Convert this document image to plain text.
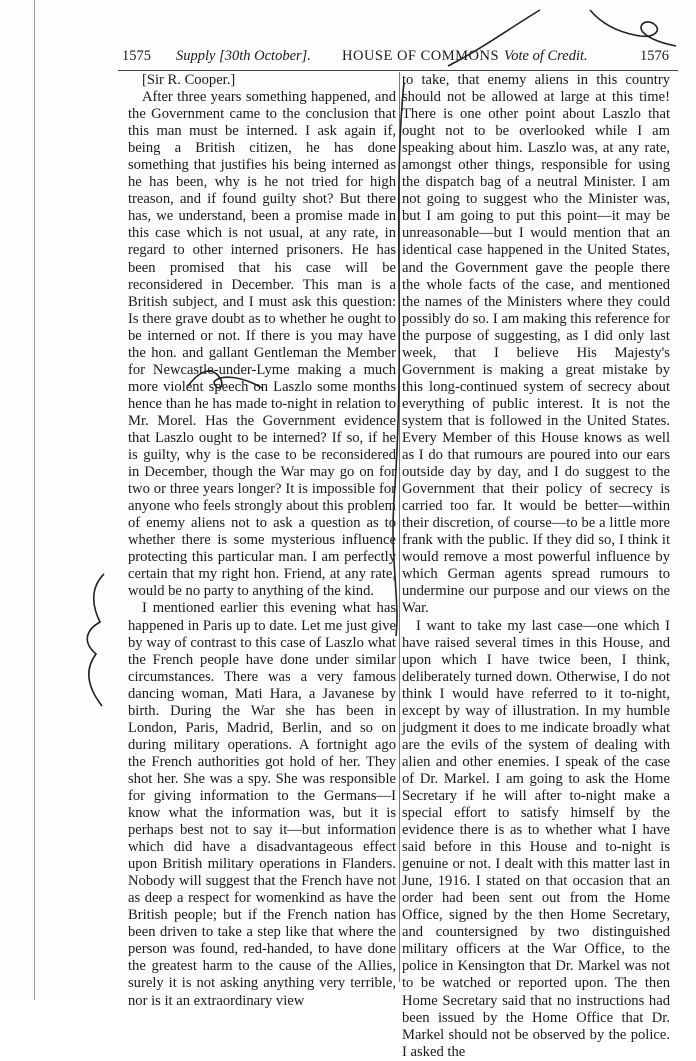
1575 Supply [30th October]. HOUSE OF COMMONS Vote of Credit.	1576

[Sir R. Cooper.]

After three years something happened, and the Government came to the conclusion that this man must be interned. I ask again if, being a British citizen, he has done something that justifies his being interned as he has been, why is he not tried for high treason, and if found guilty shot? But there has, we understand, been a promise made in this case which is not usual, at any rate, in regard to other interned prisoners. He has been promised that his case will be reconsidered in December. This man is a British subject, and I must ask this question: Is there grave doubt as to whether he ought to be interned or not. If there is you may have the hon. and gallant Gentleman the Member for Newcastle-under-Lyme making a much more violent speech on Laszlo some months hence than he has made to-night in relation to Mr. Morel. Has the Government evidence that Laszlo ought to be interned? If so, if he is guilty, why is the case to be reconsidered in December, though the War may go on for two or three years longer? It is impossible for anyone who feels strongly about this problem of enemy aliens not to ask a question as to whether there is some mysterious influence protecting this particular man. I am perfectly certain that my right hon. Friend, at any rate, would be no party to anything of the kind.

I mentioned earlier this evening what has happened in Paris up to date. Let me just give by way of contrast to this case of Laszlo what the French people have done under similar circumstances. There was a very famous dancing woman, Mati Hara, a Javanese by birth. During the War she has been in London, Paris, Madrid, Berlin, and so on during military operations. A fortnight ago the French authorities got hold of her. They shot her. She was a spy. She was responsible for giving information to the Germans—I know what the information was, but it is perhaps best not to say it—but information which did have a disadvantageous effect upon British military operations in Flanders. Nobody will suggest that the French have not as deep a respect for womenkind as have the British people; but if the French nation has been driven to take a step like that where the person was found, red-handed, to have done the greatest harm to the cause of the Allies, surely it is not asking anything very terrible, nor is it an extraordinary view

to take, that enemy aliens in this country should not be allowed at large at this time! There is one other point about Laszlo that ought not to be overlooked while I am speaking about him. Laszlo was, at any rate, amongst other things, responsible for using the dispatch bag of a neutral Minister. I am not going to suggest who the Minister was, but I am going to put this point—it may be unreasonable—but I would mention that an identical case happened in the United States, and the Government gave the people there the whole facts of the case, and mentioned the names of the Ministers where they could possibly do so. I am making this reference for the purpose of suggesting, as I did only last week, that I believe His Majesty's Government is making a great mistake by this long-continued system of secrecy about everything of public interest. It is not the system that is followed in the United States. Every Member of this House knows as well as I do that rumours are poured into our ears outside day by day, and I do suggest to the Government that their policy of secrecy is carried too far. It would be better—within their discretion, of course—to be a little more frank with the public. If they did so, I think it would remove a most powerful influence by which German agents spread rumours to undermine our purpose and our views on the War.

I want to take my last case—one which I have raised several times in this House, and upon which I have twice been, I think, deliberately turned down. Otherwise, I do not think I would have referred to it to-night, except by way of illustration. In my humble judgment it does to me indicate broadly what are the evils of the system of dealing with alien and other enemies. I speak of the case of Dr. Markel. I am going to ask the Home Secretary if he will after to-night make a special effort to satisfy himself by the evidence there is as to whether what I have said before in this House and to-night is genuine or not. I dealt with this matter last in June, 1916. I stated on that occasion that an order had been sent out from the Home Office, signed by the then Home Secretary, and countersigned by two distinguished military officers at the War Office, to the police in Kensington that Dr. Markel was not to be watched or reported upon. The then Home Secretary said that no instructions had been issued by the Home Office that Dr. Markel should not be observed by the police. I asked the
